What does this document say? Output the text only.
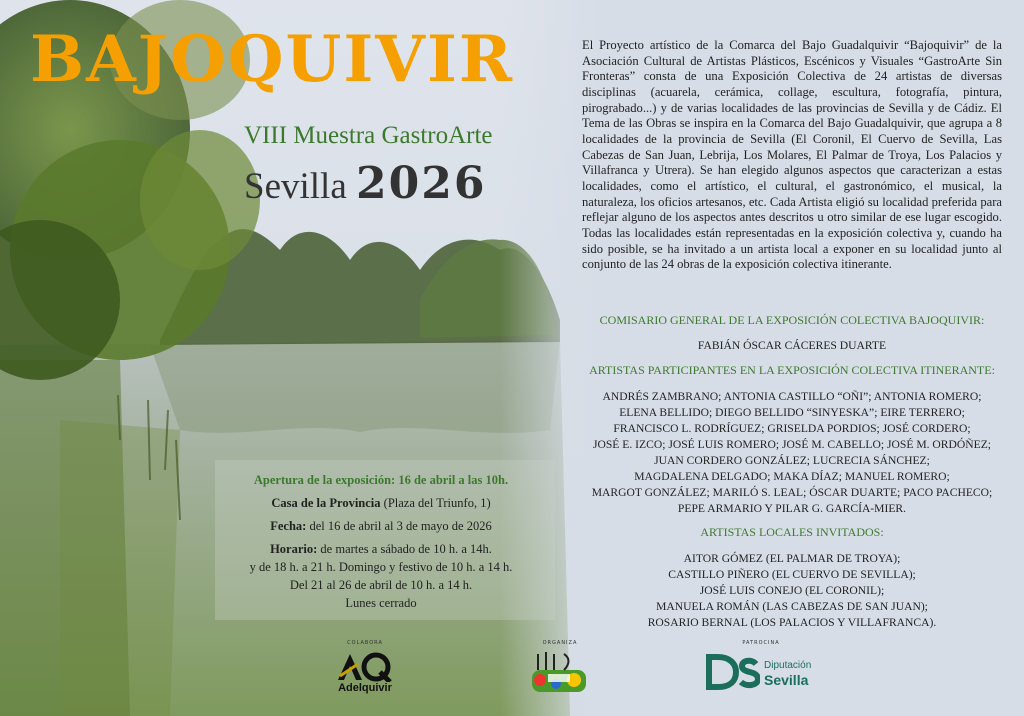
BAJOQUIVIR
VIII Muestra GastroArte
Sevilla 2026

Apertura de la exposición: 16 de abril a las 10h.

Casa de la Provincia (Plaza del Triunfo, 1)

Fecha: del 16 de abril al 3 de mayo de 2026

Horario: de martes a sábado de 10 h. a 14h.
y de 18 h. a 21 h. Domingo y festivo de 10 h. a 14 h.
Del 21 al 26 de abril de 10 h. a 14 h.
Lunes cerrado

El Proyecto artístico de la Comarca del Bajo Guadalquivir “Bajoquivir” de la Asociación Cultural de Artistas Plásticos, Escénicos y Visuales “GastroArte Sin Fronteras” consta de una Exposición Colectiva de 24 artistas de diversas disciplinas (acuarela, cerámica, collage, escultura, fotografía, pintura, pirograbado...) y de varias localidades de las provincias de Sevilla y de Cádiz. El Tema de las Obras se inspira en la Comarca del Bajo Guadalquivir, que agrupa a 8 localidades de la provincia de Sevilla (El Coronil, El Cuervo de Sevilla, Las Cabezas de San Juan, Lebrija, Los Molares, El Palmar de Troya, Los Palacios y Villafranca y Utrera). Se han elegido algunos aspectos que caracterizan a estas localidades, como el artístico, el cultural, el gastronómico, el musical, la naturaleza, los oficios artesanos, etc. Cada Artista eligió su localidad preferida para reflejar alguno de los aspectos antes descritos u otro similar de ese lugar escogido. Todas las localidades están representadas en la exposición colectiva y, cuando ha sido posible, se ha invitado a un artista local a exponer en su localidad junto al conjunto de las 24 obras de la exposición colectiva itinerante.

COMISARIO GENERAL DE LA EXPOSICIÓN COLECTIVA BAJOQUIVIR:
FABIÁN ÓSCAR CÁCERES DUARTE
ARTISTAS PARTICIPANTES EN LA EXPOSICIÓN COLECTIVA ITINERANTE:
ANDRÉS ZAMBRANO; ANTONIA CASTILLO “OÑI”; ANTONIA ROMERO;
ELENA BELLIDO; DIEGO BELLIDO “SINYESKA”; EIRE TERRERO;
FRANCISCO L. RODRÍGUEZ; GRISELDA PORDIOS; JOSÉ CORDERO;
JOSÉ E. IZCO; JOSÉ LUIS ROMERO; JOSÉ M. CABELLO; JOSÉ M. ORDÓÑEZ;
JUAN CORDERO GONZÁLEZ; LUCRECIA SÁNCHEZ;
MAGDALENA DELGADO; MAKA DÍAZ; MANUEL ROMERO;
MARGOT GONZÁLEZ; MARILÓ S. LEAL; ÓSCAR DUARTE; PACO PACHECO;
PEPE ARMARIO Y PILAR G. GARCÍA-MIER.
ARTISTAS LOCALES INVITADOS:
AITOR GÓMEZ (EL PALMAR DE TROYA);
CASTILLO PIÑERO (EL CUERVO DE SEVILLA);
JOSÉ LUIS CONEJO (EL CORONIL);
MANUELA ROMÁN (LAS CABEZAS DE SAN JUAN);
ROSARIO BERNAL (LOS PALACIOS Y VILLAFRANCA).
COLABORA
Adelquivir
ORGANIZA	PATROCINA
Diputación
Sevilla
